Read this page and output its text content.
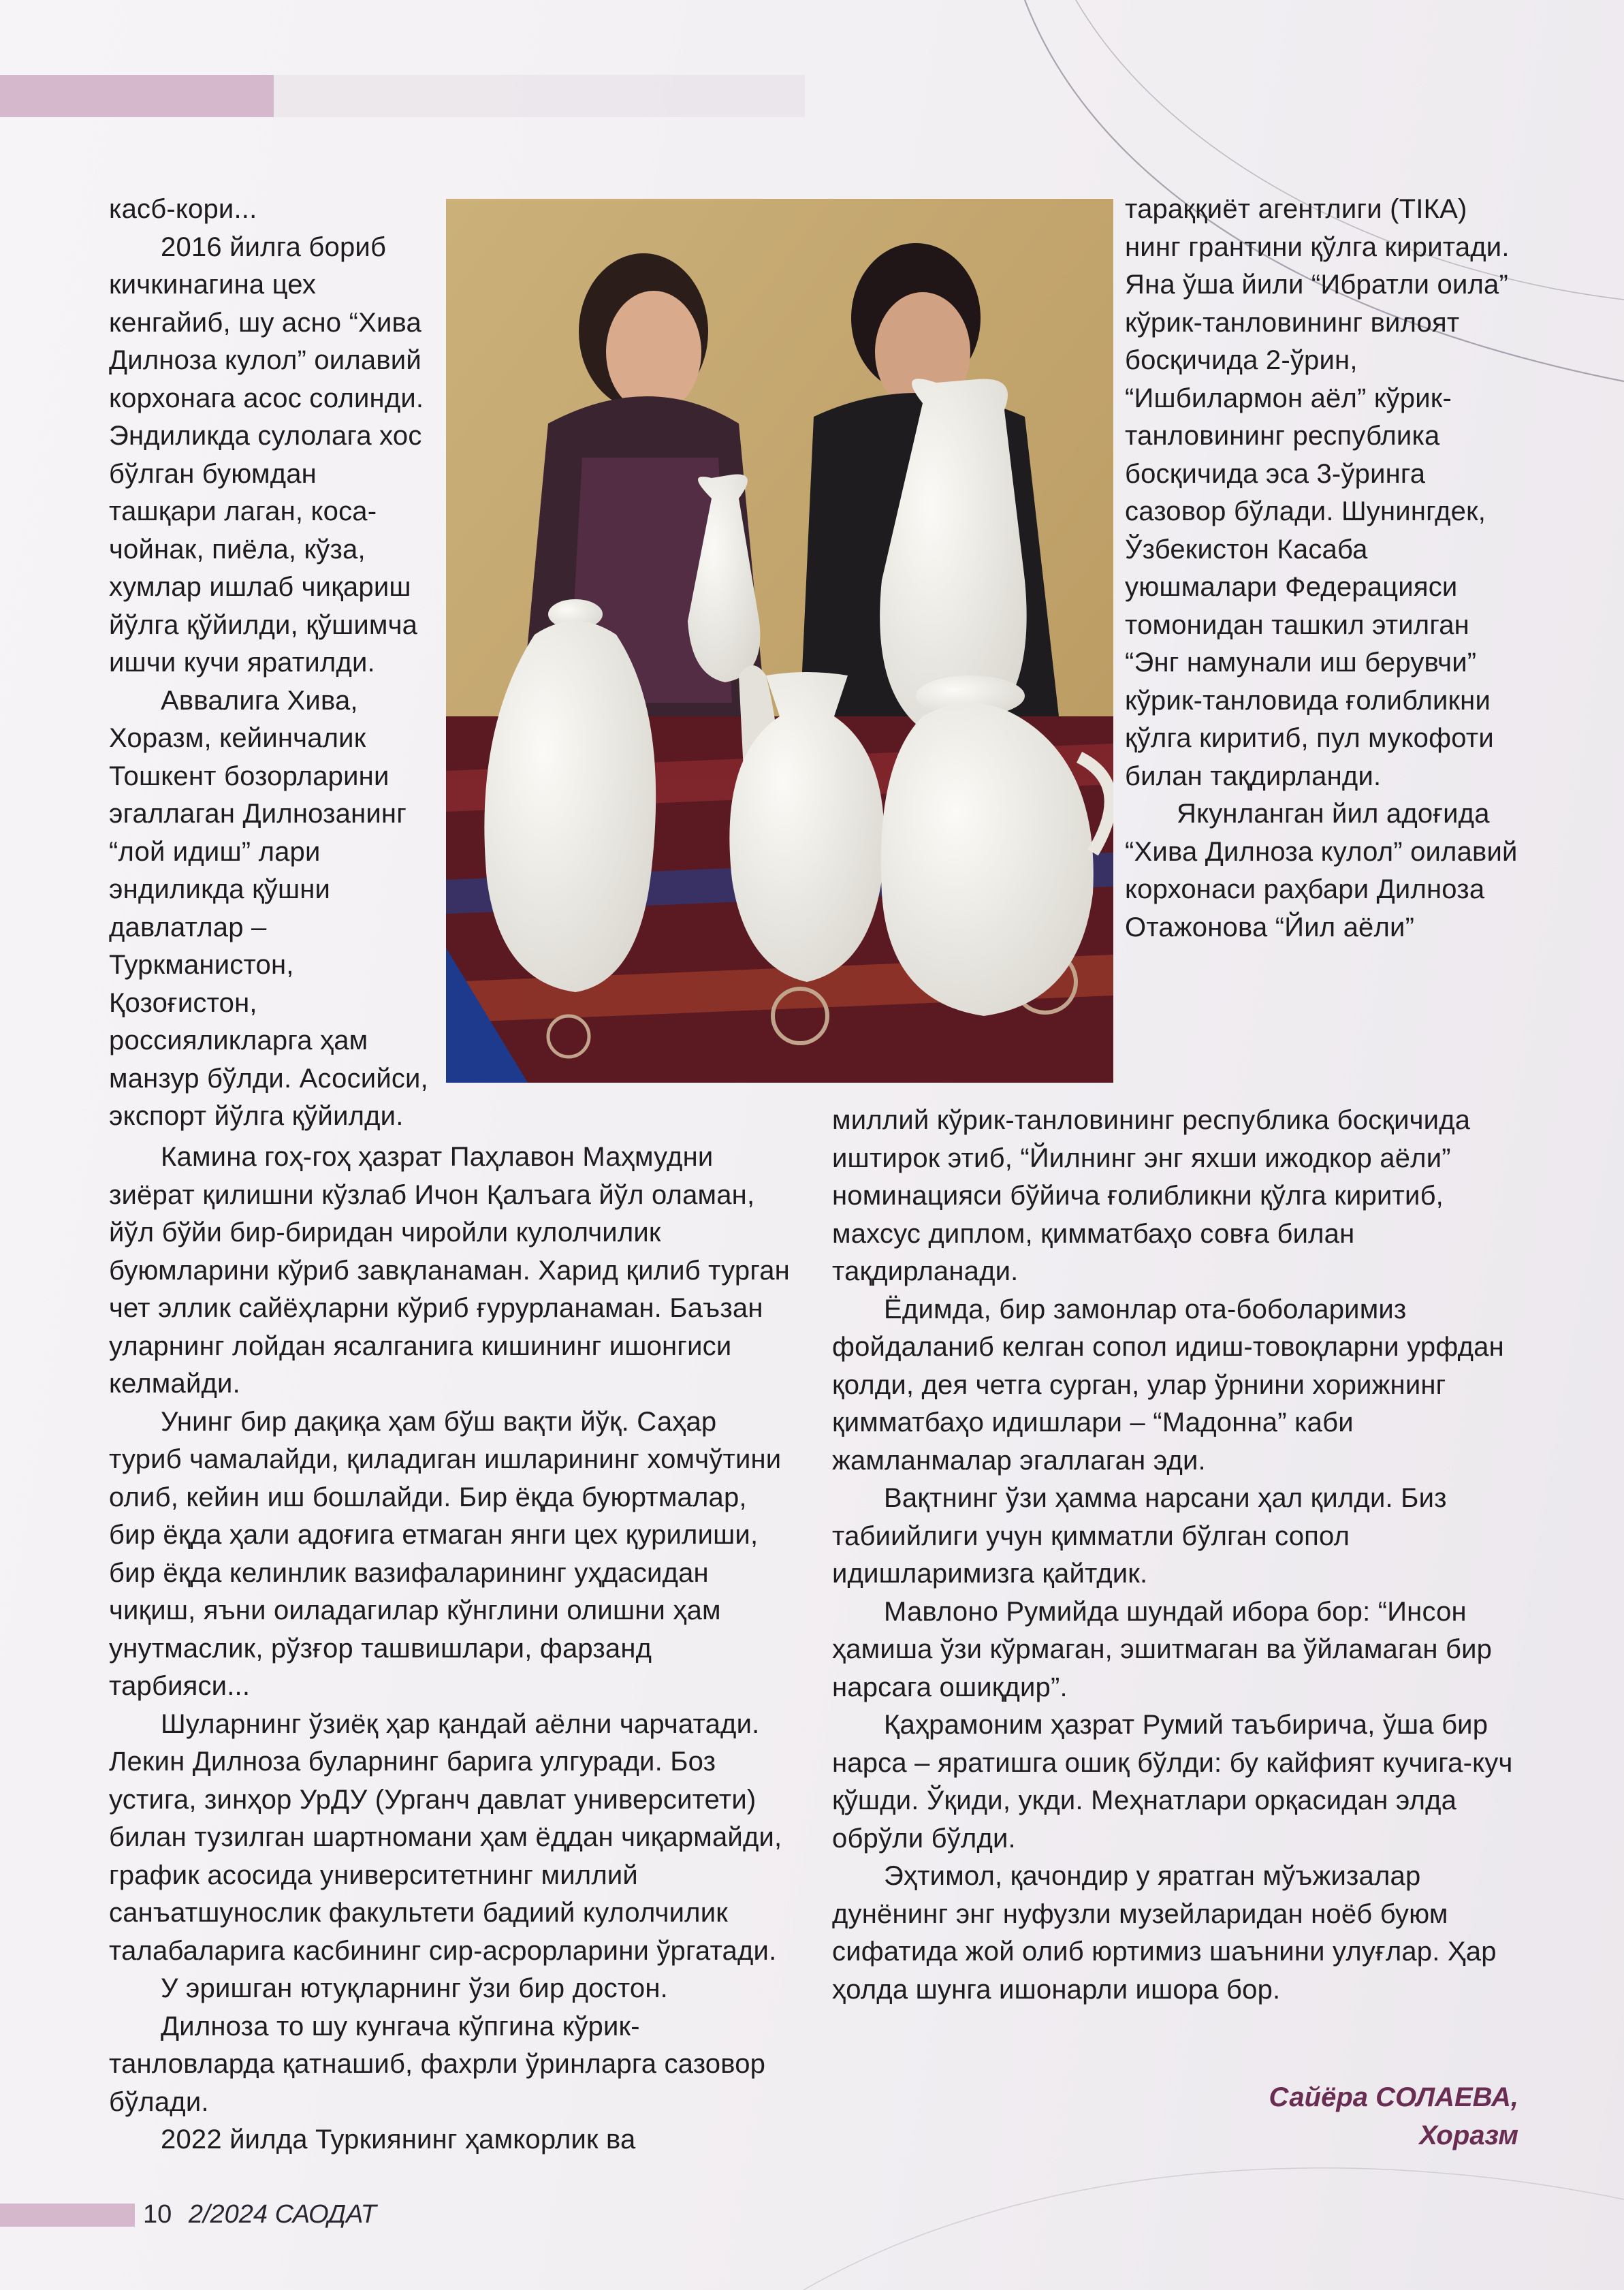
касб-кори...

2016 йилга бориб кичкинагина цех кенгайиб, шу асно “Хива Дилноза кулол” оилавий корхонага асос солинди. Эндиликда сулолага хос бўлган буюмдан ташқари лаган, коса-чойнак, пиёла, кўза, хумлар ишлаб чиқариш йўлга қўйилди, қўшимча ишчи кучи яратилди.

Аввалига Хива, Хоразм, кейинчалик Тошкент бозорларини эгаллаган Дилнозанинг “лой идиш” лари эндиликда қўшни давлатлар – Туркманистон, Қозоғистон, россияликларга ҳам манзур бўлди. Асосийси, экспорт йўлга қўйилди.

тараққиёт агентлиги (ТIКА) нинг грантини қўлга киритади. Яна ўша йили “Ибратли оила” кўрик-танловининг вилоят босқичида 2-ўрин, “Ишбилармон аёл” кўрик-танловининг республика босқичида эса 3-ўринга сазовор бўлади. Шунингдек, Ўзбекистон Касаба уюшмалари Федерацияси томонидан ташкил этилган “Энг намунали иш берувчи” кўрик-танловида ғолибликни қўлга киритиб, пул мукофоти билан тақдирланди.

Якунланган йил адоғида “Хива Дилноза кулол” оилавий корхонаси раҳбари Дилноза Отажонова “Йил аёли”

Камина гоҳ-гоҳ ҳазрат Паҳлавон Маҳмудни зиёрат қилишни кўзлаб Ичон Қалъага йўл оламан, йўл бўйи бир-биридан чиройли кулолчилик буюмларини кўриб завқланаман. Харид қилиб турган чет эллик сайёҳларни кўриб ғурурланаман. Баъзан уларнинг лойдан ясалганига кишининг ишонгиси келмайди.

Унинг бир дақиқа ҳам бўш вақти йўқ. Саҳар туриб чамалайди, қиладиган ишларининг хомчўтини олиб, кейин иш бошлайди. Бир ёқда буюртмалар, бир ёқда ҳали адоғига етмаган янги цех қурилиши, бир ёқда келинлик вазифаларининг уҳдасидан чиқиш, яъни оиладагилар кўнглини олишни ҳам унутмаслик, рўзғор ташвишлари, фарзанд тарбияси...

Шуларнинг ўзиёқ ҳар қандай аёлни чарчатади. Лекин Дилноза буларнинг барига улгуради. Боз устига, зинҳор УрДУ (Урганч давлат университети) билан тузилган шартномани ҳам ёддан чиқармайди, график асосида университетнинг миллий санъатшунослик факультети бадиий кулолчилик талабаларига касбининг сир-асрорларини ўргатади.

У эришган ютуқларнинг ўзи бир достон.

Дилноза то шу кунгача кўпгина кўрик-танловларда қатнашиб, фахрли ўринларга сазовор бўлади.

2022 йилда Туркиянинг ҳамкорлик ва

миллий кўрик-танловининг республика босқичида иштирок этиб, “Йилнинг энг яхши ижодкор аёли” номинацияси бўйича ғолибликни қўлга киритиб, махсус диплом, қимматбаҳо совға билан тақдирланади.

Ёдимда, бир замонлар ота-боболаримиз фойдаланиб келган сопол идиш-товоқларни урфдан қолди, дея четга сурган, улар ўрнини хорижнинг қимматбаҳо идишлари – “Мадонна” каби жамланмалар эгаллаган эди.

Вақтнинг ўзи ҳамма нарсани ҳал қилди. Биз табиийлиги учун қимматли бўлган сопол идишларимизга қайтдик.

Мавлоно Румийда шундай ибора бор: “Инсон ҳамиша ўзи кўрмаган, эшитмаган ва ўйламаган бир нарсага ошиқдир”.

Қаҳрамоним ҳазрат Румий таъбирича, ўша бир нарса – яратишга ошиқ бўлди: бу кайфият кучига-куч қўшди. Ўқиди, укди. Меҳнатлари орқасидан элда обрўли бўлди.

Эҳтимол, қачондир у яратган мўъжизалар дунёнинг энг нуфузли музейларидан ноёб буюм сифатида жой олиб юртимиз шаънини улуғлар. Ҳар ҳолда шунга ишонарли ишора бор.

Сайёра СОЛАЕВА,
Хоразм
10 2/2024 САОДАТ
